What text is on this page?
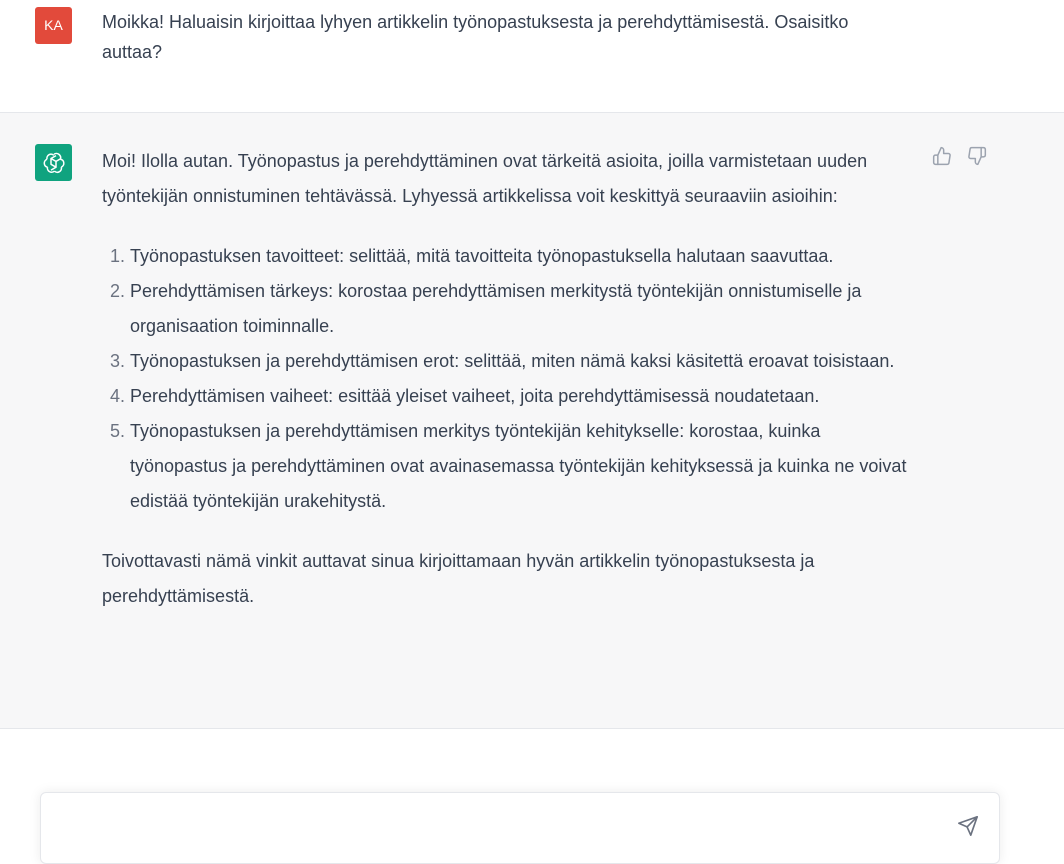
KA	Moikka! Haluaisin kirjoittaa lyhyen artikkelin työnopastuksesta ja perehdyttämisestä. Osaisitko auttaa?

Moi! Ilolla autan. Työnopastus ja perehdyttäminen ovat tärkeitä asioita, joilla varmistetaan uuden työntekijän onnistuminen tehtävässä. Lyhyessä artikkelissa voit keskittyä seuraaviin asioihin:

1. Työnopastuksen tavoitteet: selittää, mitä tavoitteita työnopastuksella halutaan saavuttaa.
2. Perehdyttämisen tärkeys: korostaa perehdyttämisen merkitystä työntekijän onnistumiselle ja organisaation toiminnalle.
3. Työnopastuksen ja perehdyttämisen erot: selittää, miten nämä kaksi käsitettä eroavat toisistaan.
4. Perehdyttämisen vaiheet: esittää yleiset vaiheet, joita perehdyttämisessä noudatetaan.
5. Työnopastuksen ja perehdyttämisen merkitys työntekijän kehitykselle: korostaa, kuinka työnopastus ja perehdyttäminen ovat avainasemassa työntekijän kehityksessä ja kuinka ne voivat edistää työntekijän urakehitystä.

Toivottavasti nämä vinkit auttavat sinua kirjoittamaan hyvän artikkelin työnopastuksesta ja perehdyttämisestä.
